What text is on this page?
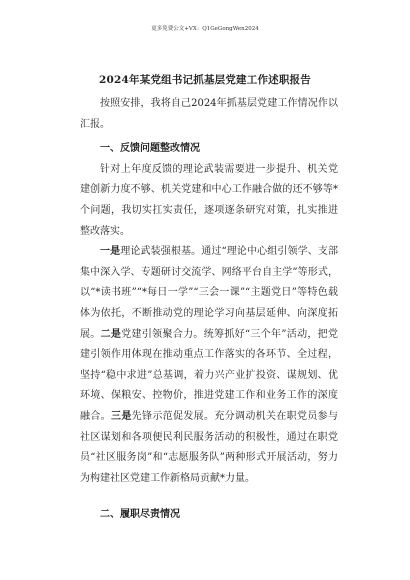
更多免费公文+VX：Q1GeGongWen2024
2024年某党组书记抓基层党建工作述职报告

按照安排，我将自己2024年抓基层党建工作情况作以汇报。

一、反馈问题整改情况

针对上年度反馈的理论武装需要进一步提升、机关党建创新力度不够、机关党建和中心工作融合做的还不够等*个问题，我切实扛实责任，逐项逐条研究对策，扎实推进整改落实。

一是理论武装强根基。通过“理论中心组引领学、支部集中深入学、专题研讨交流学、网络平台自主学”等形式，以“*读书班”“*每日一学”“三会一课”“主题党日”等特色载体为依托，不断推动党的理论学习向基层延伸、向深度拓展。二是党建引领聚合力。统筹抓好“三个年”活动，把党建引领作用体现在推动重点工作落实的各环节、全过程，坚持“稳中求进”总基调，着力兴产业扩投资、谋规划、优环境、保粮安、控物价，推进党建工作和业务工作的深度融合。三是先锋示范促发展。充分调动机关在职党员参与社区谋划和各项便民利民服务活动的积极性，通过在职党员“社区服务岗”和“志愿服务队”两种形式开展活动，努力为构建社区党建工作新格局贡献*力量。

二、履职尽责情况
